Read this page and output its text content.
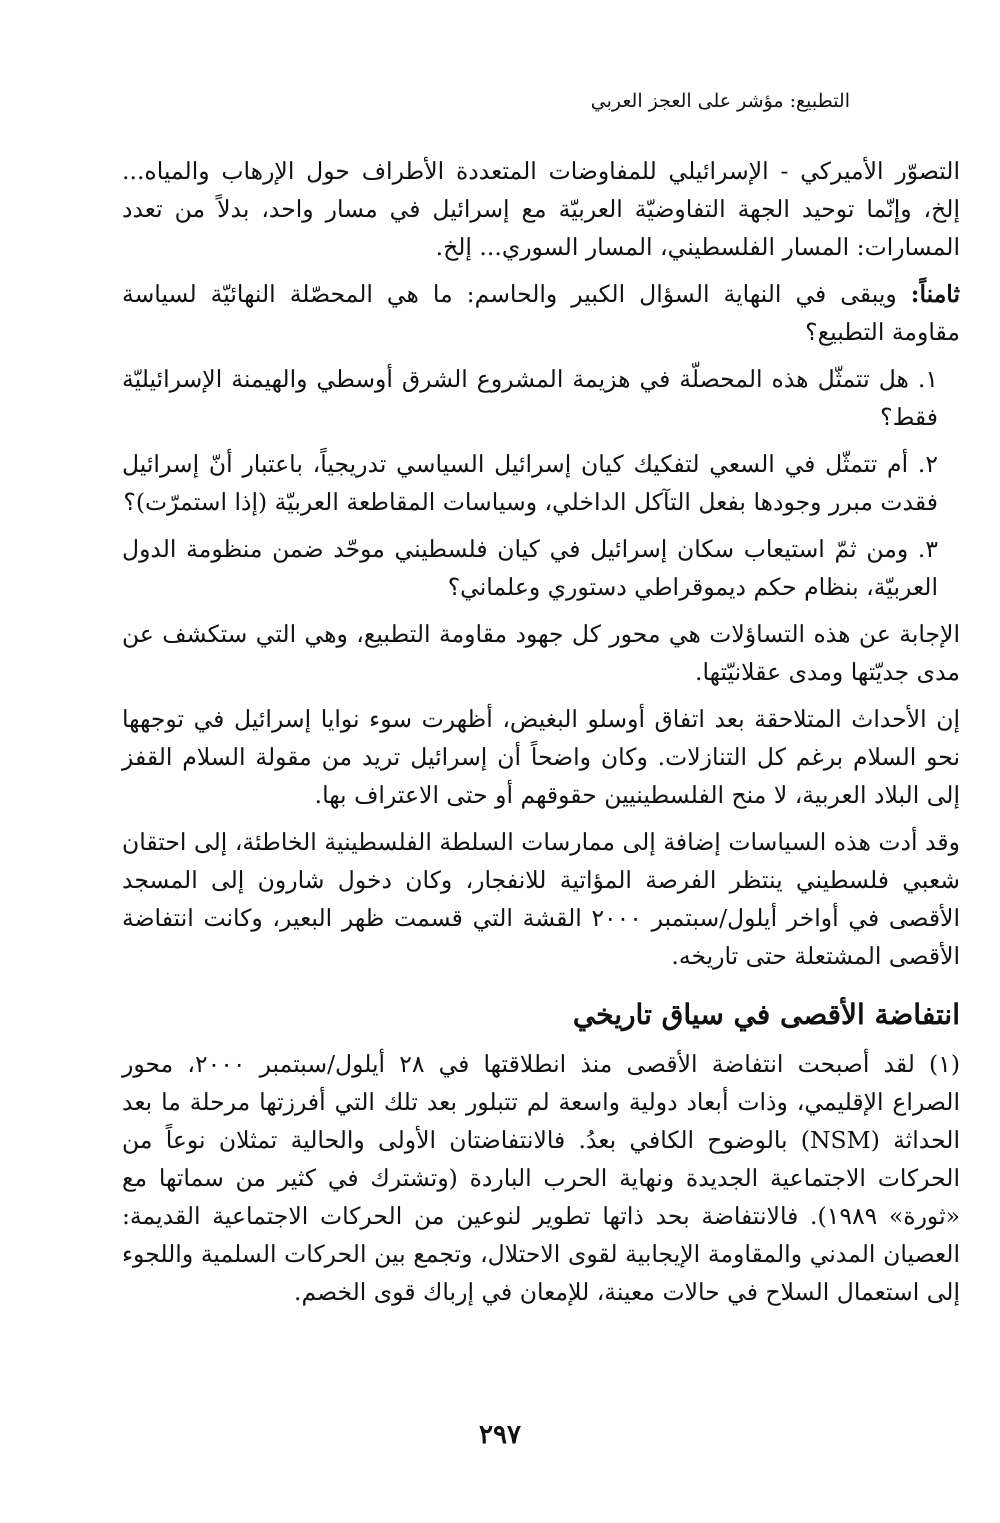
التطبيع: مؤشر على العجز العربي

التصوّر الأميركي - الإسرائيلي للمفاوضات المتعددة الأطراف حول الإرهاب والمياه... إلخ، وإنّما توحيد الجهة التفاوضيّة العربيّة مع إسرائيل في مسار واحد، بدلاً من تعدد المسارات: المسار الفلسطيني، المسار السوري... إلخ.

ثامناً: ويبقى في النهاية السؤال الكبير والحاسم: ما هي المحصّلة النهائيّة لسياسة مقاومة التطبيع؟

١. هل تتمثّل هذه المحصلّة في هزيمة المشروع الشرق أوسطي والهيمنة الإسرائيليّة فقط؟

٢. أم تتمثّل في السعي لتفكيك كيان إسرائيل السياسي تدريجياً، باعتبار أنّ إسرائيل فقدت مبرر وجودها بفعل التآكل الداخلي، وسياسات المقاطعة العربيّة (إذا استمرّت)؟

٣. ومن ثمّ استيعاب سكان إسرائيل في كيان فلسطيني موحّد ضمن منظومة الدول العربيّة، بنظام حكم ديموقراطي دستوري وعلماني؟

الإجابة عن هذه التساؤلات هي محور كل جهود مقاومة التطبيع، وهي التي ستكشف عن مدى جديّتها ومدى عقلانيّتها.

إن الأحداث المتلاحقة بعد اتفاق أوسلو البغيض، أظهرت سوء نوايا إسرائيل في توجهها نحو السلام برغم كل التنازلات. وكان واضحاً أن إسرائيل تريد من مقولة السلام القفز إلى البلاد العربية، لا منح الفلسطينيين حقوقهم أو حتى الاعتراف بها.

وقد أدت هذه السياسات إضافة إلى ممارسات السلطة الفلسطينية الخاطئة، إلى احتقان شعبي فلسطيني ينتظر الفرصة المؤاتية للانفجار، وكان دخول شارون إلى المسجد الأقصى في أواخر أيلول/سبتمبر ٢٠٠٠ القشة التي قسمت ظهر البعير، وكانت انتفاضة الأقصى المشتعلة حتى تاريخه.

انتفاضة الأقصى في سياق تاريخي

(١) لقد أصبحت انتفاضة الأقصى منذ انطلاقتها في ٢٨ أيلول/سبتمبر ٢٠٠٠، محور الصراع الإقليمي، وذات أبعاد دولية واسعة لم تتبلور بعد تلك التي أفرزتها مرحلة ما بعد الحداثة (NSM) بالوضوح الكافي بعدُ. فالانتفاضتان الأولى والحالية تمثلان نوعاً من الحركات الاجتماعية الجديدة ونهاية الحرب الباردة (وتشترك في كثير من سماتها مع «ثورة» ١٩٨٩). فالانتفاضة بحد ذاتها تطوير لنوعين من الحركات الاجتماعية القديمة: العصيان المدني والمقاومة الإيجابية لقوى الاحتلال، وتجمع بين الحركات السلمية واللجوء إلى استعمال السلاح في حالات معينة، للإمعان في إرباك قوى الخصم.

٢٩٧
